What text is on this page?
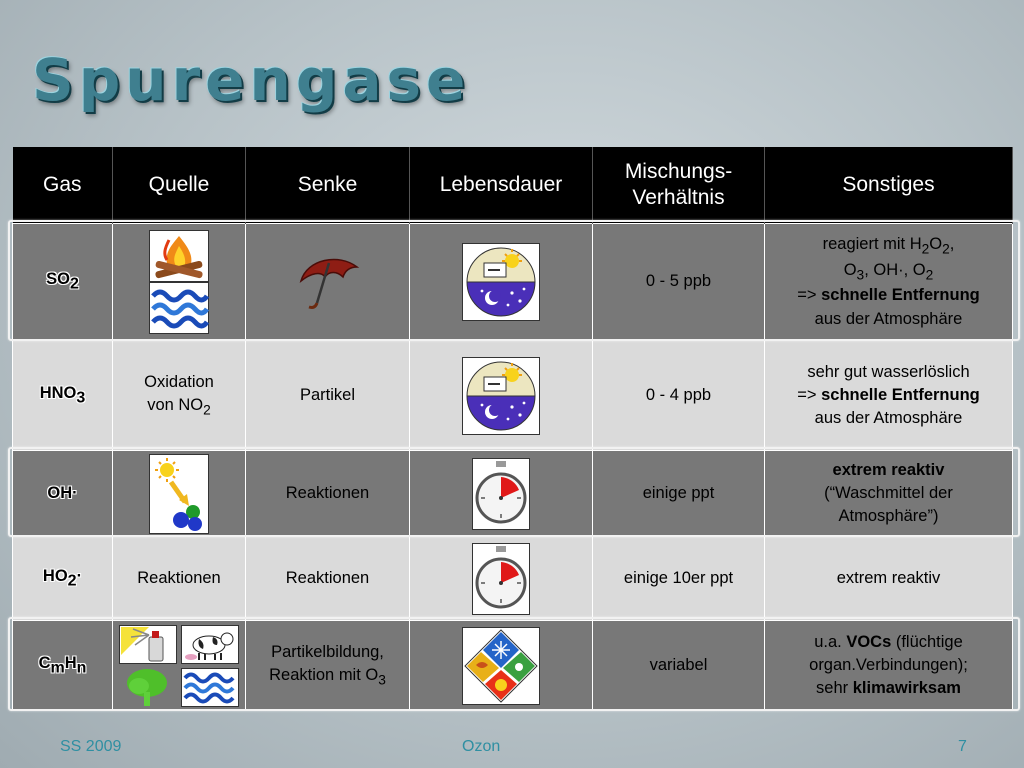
Spurengase
Gas	Quelle	Senke	Lebensdauer	Mischungs-
Verhältnis	Sonstiges
$SO_2$				0 - 5 ppb	reagiert mit $H_2O_2$,
$O_3$, OH·, $O_2$
=> schnelle Entfernung
aus der Atmosphäre
$HNO_3$	Oxidation
von $NO_2$	Partikel		0 - 4 ppb	sehr gut wasserlöslich
=> schnelle Entfernung
aus der Atmosphäre
OH·		Reaktionen		einige ppt	extrem reaktiv
(“Waschmittel der
Atmosphäre”)
$HO_2\cdot$	Reaktionen	Reaktionen		einige 10er ppt	extrem reaktiv
$C_mH_n$		Partikelbildung,
Reaktion mit $O_3$		variabel	u.a. VOCs (flüchtige
organ.Verbindungen);
sehr klimawirksam
SS 2009	Ozon	7
